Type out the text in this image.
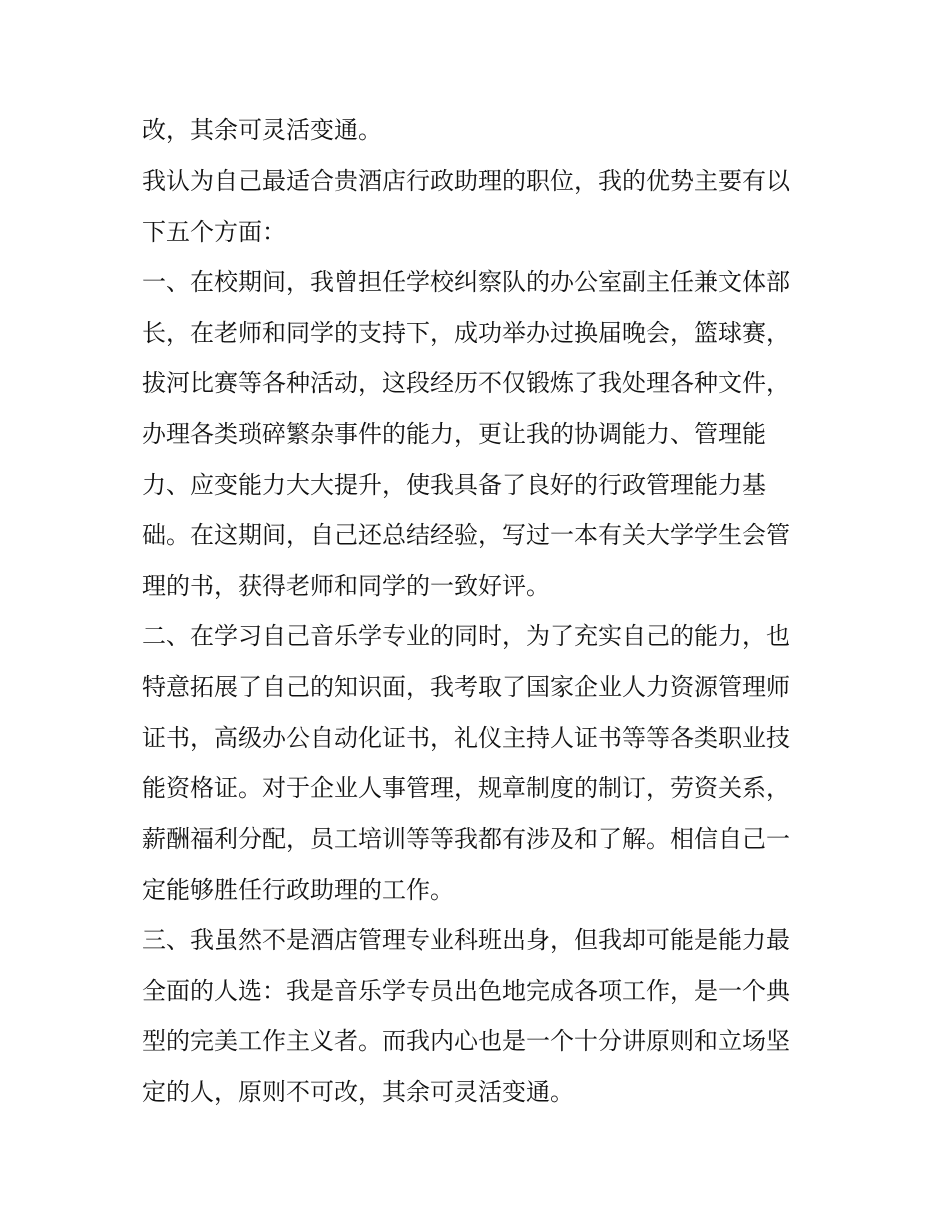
改，其余可灵活变通。

我认为自己最适合贵酒店行政助理的职位，我的优势主要有以

下五个方面：

一、在校期间，我曾担任学校纠察队的办公室副主任兼文体部

长，在老师和同学的支持下，成功举办过换届晚会，篮球赛，

拔河比赛等各种活动，这段经历不仅锻炼了我处理各种文件，

办理各类琐碎繁杂事件的能力，更让我的协调能力、管理能

力、应变能力大大提升，使我具备了良好的行政管理能力基

础。在这期间，自己还总结经验，写过一本有关大学学生会管

理的书，获得老师和同学的一致好评。

二、在学习自己音乐学专业的同时，为了充实自己的能力，也

特意拓展了自己的知识面，我考取了国家企业人力资源管理师

证书，高级办公自动化证书，礼仪主持人证书等等各类职业技

能资格证。对于企业人事管理，规章制度的制订，劳资关系，

薪酬福利分配，员工培训等等我都有涉及和了解。相信自己一

定能够胜任行政助理的工作。

三、我虽然不是酒店管理专业科班出身，但我却可能是能力最

全面的人选：我是音乐学专员出色地完成各项工作，是一个典

型的完美工作主义者。而我内心也是一个十分讲原则和立场坚

定的人，原则不可改，其余可灵活变通。
